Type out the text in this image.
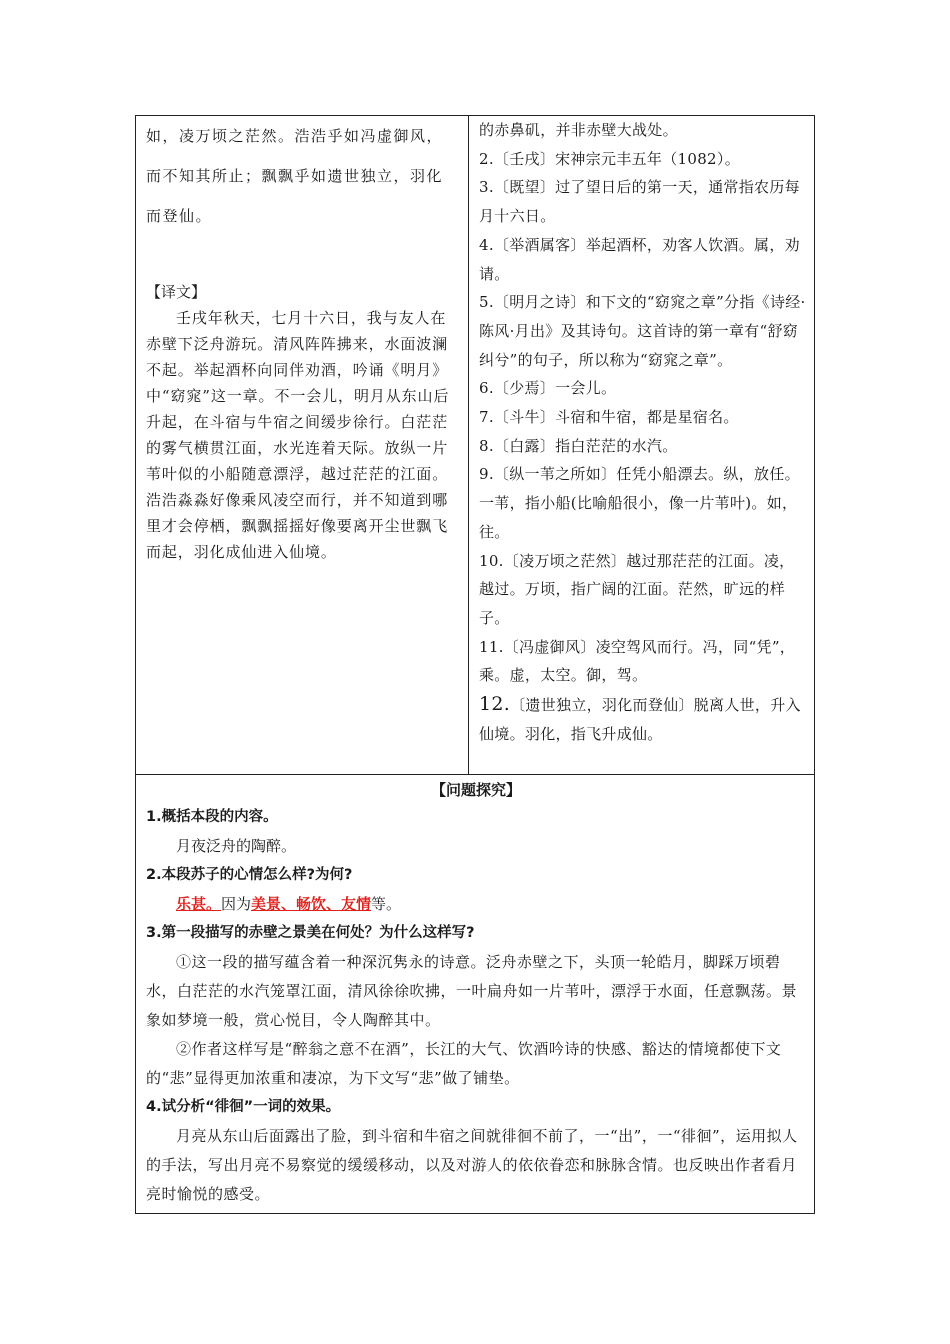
如，凌万顷之茫然。浩浩乎如冯虚御风，

而不知其所止；飘飘乎如遗世独立，羽化

而登仙。

【译文】

壬戌年秋天，七月十六日，我与友人在赤壁下泛舟游玩。清风阵阵拂来，水面波澜不起。举起酒杯向同伴劝酒，吟诵《明月》中“窈窕”这一章。不一会儿，明月从东山后升起，在斗宿与牛宿之间缓步徐行。白茫茫的雾气横贯江面，水光连着天际。放纵一片苇叶似的小船随意漂浮，越过茫茫的江面。浩浩淼淼好像乘风凌空而行，并不知道到哪里才会停栖，飘飘摇摇好像要离开尘世飘飞而起，羽化成仙进入仙境。

的赤鼻矶，并非赤壁大战处。

2.〔壬戌〕宋神宗元丰五年（1082）。

3.〔既望〕过了望日后的第一天，通常指农历每月十六日。

4.〔举酒属客〕举起酒杯，劝客人饮酒。属，劝请。

5.〔明月之诗〕和下文的“窈窕之章”分指《诗经·陈风·月出》及其诗句。这首诗的第一章有“舒窈纠兮”的句子，所以称为“窈窕之章”。

6.〔少焉〕一会儿。

7.〔斗牛〕斗宿和牛宿，都是星宿名。

8.〔白露〕指白茫茫的水汽。

9.〔纵一苇之所如〕任凭小船漂去。纵，放任。一苇，指小船(比喻船很小，像一片苇叶)。如，往。

10.〔凌万顷之茫然〕越过那茫茫的江面。凌，越过。万顷，指广阔的江面。茫然，旷远的样子。

11.〔冯虚御风〕凌空驾风而行。冯，同“凭”，乘。虚，太空。御，驾。

12.〔遗世独立，羽化而登仙〕脱离人世，升入仙境。羽化，指飞升成仙。

【问题探究】

1.概括本段的内容。

月夜泛舟的陶醉。

2.本段苏子的心情怎么样?为何?

乐甚。因为美景、畅饮、友情等。

3.第一段描写的赤壁之景美在何处？为什么这样写?

①这一段的描写蕴含着一种深沉隽永的诗意。泛舟赤壁之下，头顶一轮皓月，脚踩万顷碧水，白茫茫的水汽笼罩江面，清风徐徐吹拂，一叶扁舟如一片苇叶，漂浮于水面，任意飘荡。景象如梦境一般，赏心悦目，令人陶醉其中。

②作者这样写是“醉翁之意不在酒”，长江的大气、饮酒吟诗的快感、豁达的情境都使下文的“悲”显得更加浓重和凄凉，为下文写“悲”做了铺垫。

4.试分析“徘徊”一词的效果。

月亮从东山后面露出了脸，到斗宿和牛宿之间就徘徊不前了，一“出”，一“徘徊”，运用拟人的手法，写出月亮不易察觉的缓缓移动，以及对游人的依依眷恋和脉脉含情。也反映出作者看月亮时愉悦的感受。
